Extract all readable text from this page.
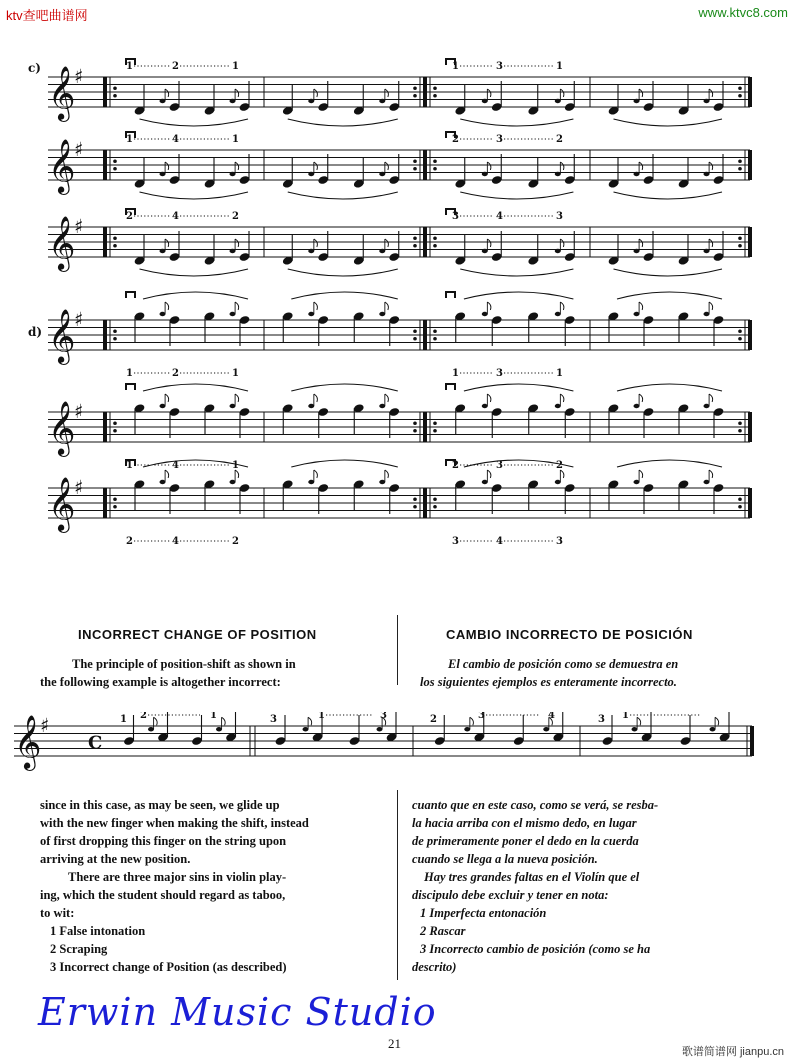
ktv查吧曲谱网	www.ktvc8.com
c) 𝄞
♯	1	2	1	1	3	1
𝄞
♯	1	4	1	2	3	2
𝄞
♯	2	4	2	3	4	3
d) 𝄞
♯
1	2	1	1	3	1
𝄞
♯
1	4	1	2	3	2
𝄞
♯
2	4	2	3	4	3
INCORRECT CHANGE OF POSITION	CAMBIO INCORRECTO DE POSICIÓN
The principle of position-shift as shown in
the following example is altogether incorrect:
El cambio de posición como se demuestra en
los siguientes ejemplos es enteramente incorrecto.
𝄞
♯
C
1 2	1	3	1	3	2	3	4	3 1
since in this case, as may be seen, we glide up
with the new finger when making the shift, instead
of first dropping this finger on the string upon
arriving at the new position.
There are three major sins in violin play-
ing, which the student should regard as taboo,
to wit:
1 False intonation
2 Scraping
3 Incorrect change of Position (as described)
cuanto que en este caso, como se verá, se resba-
la hacia arriba con el mismo dedo, en lugar
de primeramente poner el dedo en la cuerda
cuando se llega a la nueva posición.
Hay tres grandes faltas en el Violín que el
discipulo debe excluir y tener en nota:
1 Imperfecta entonación
2 Rascar
3 Incorrecto cambio de posición (como se ha
descrito)
Erwin Music Studio
21
歌谱简谱网 jianpu.cn
